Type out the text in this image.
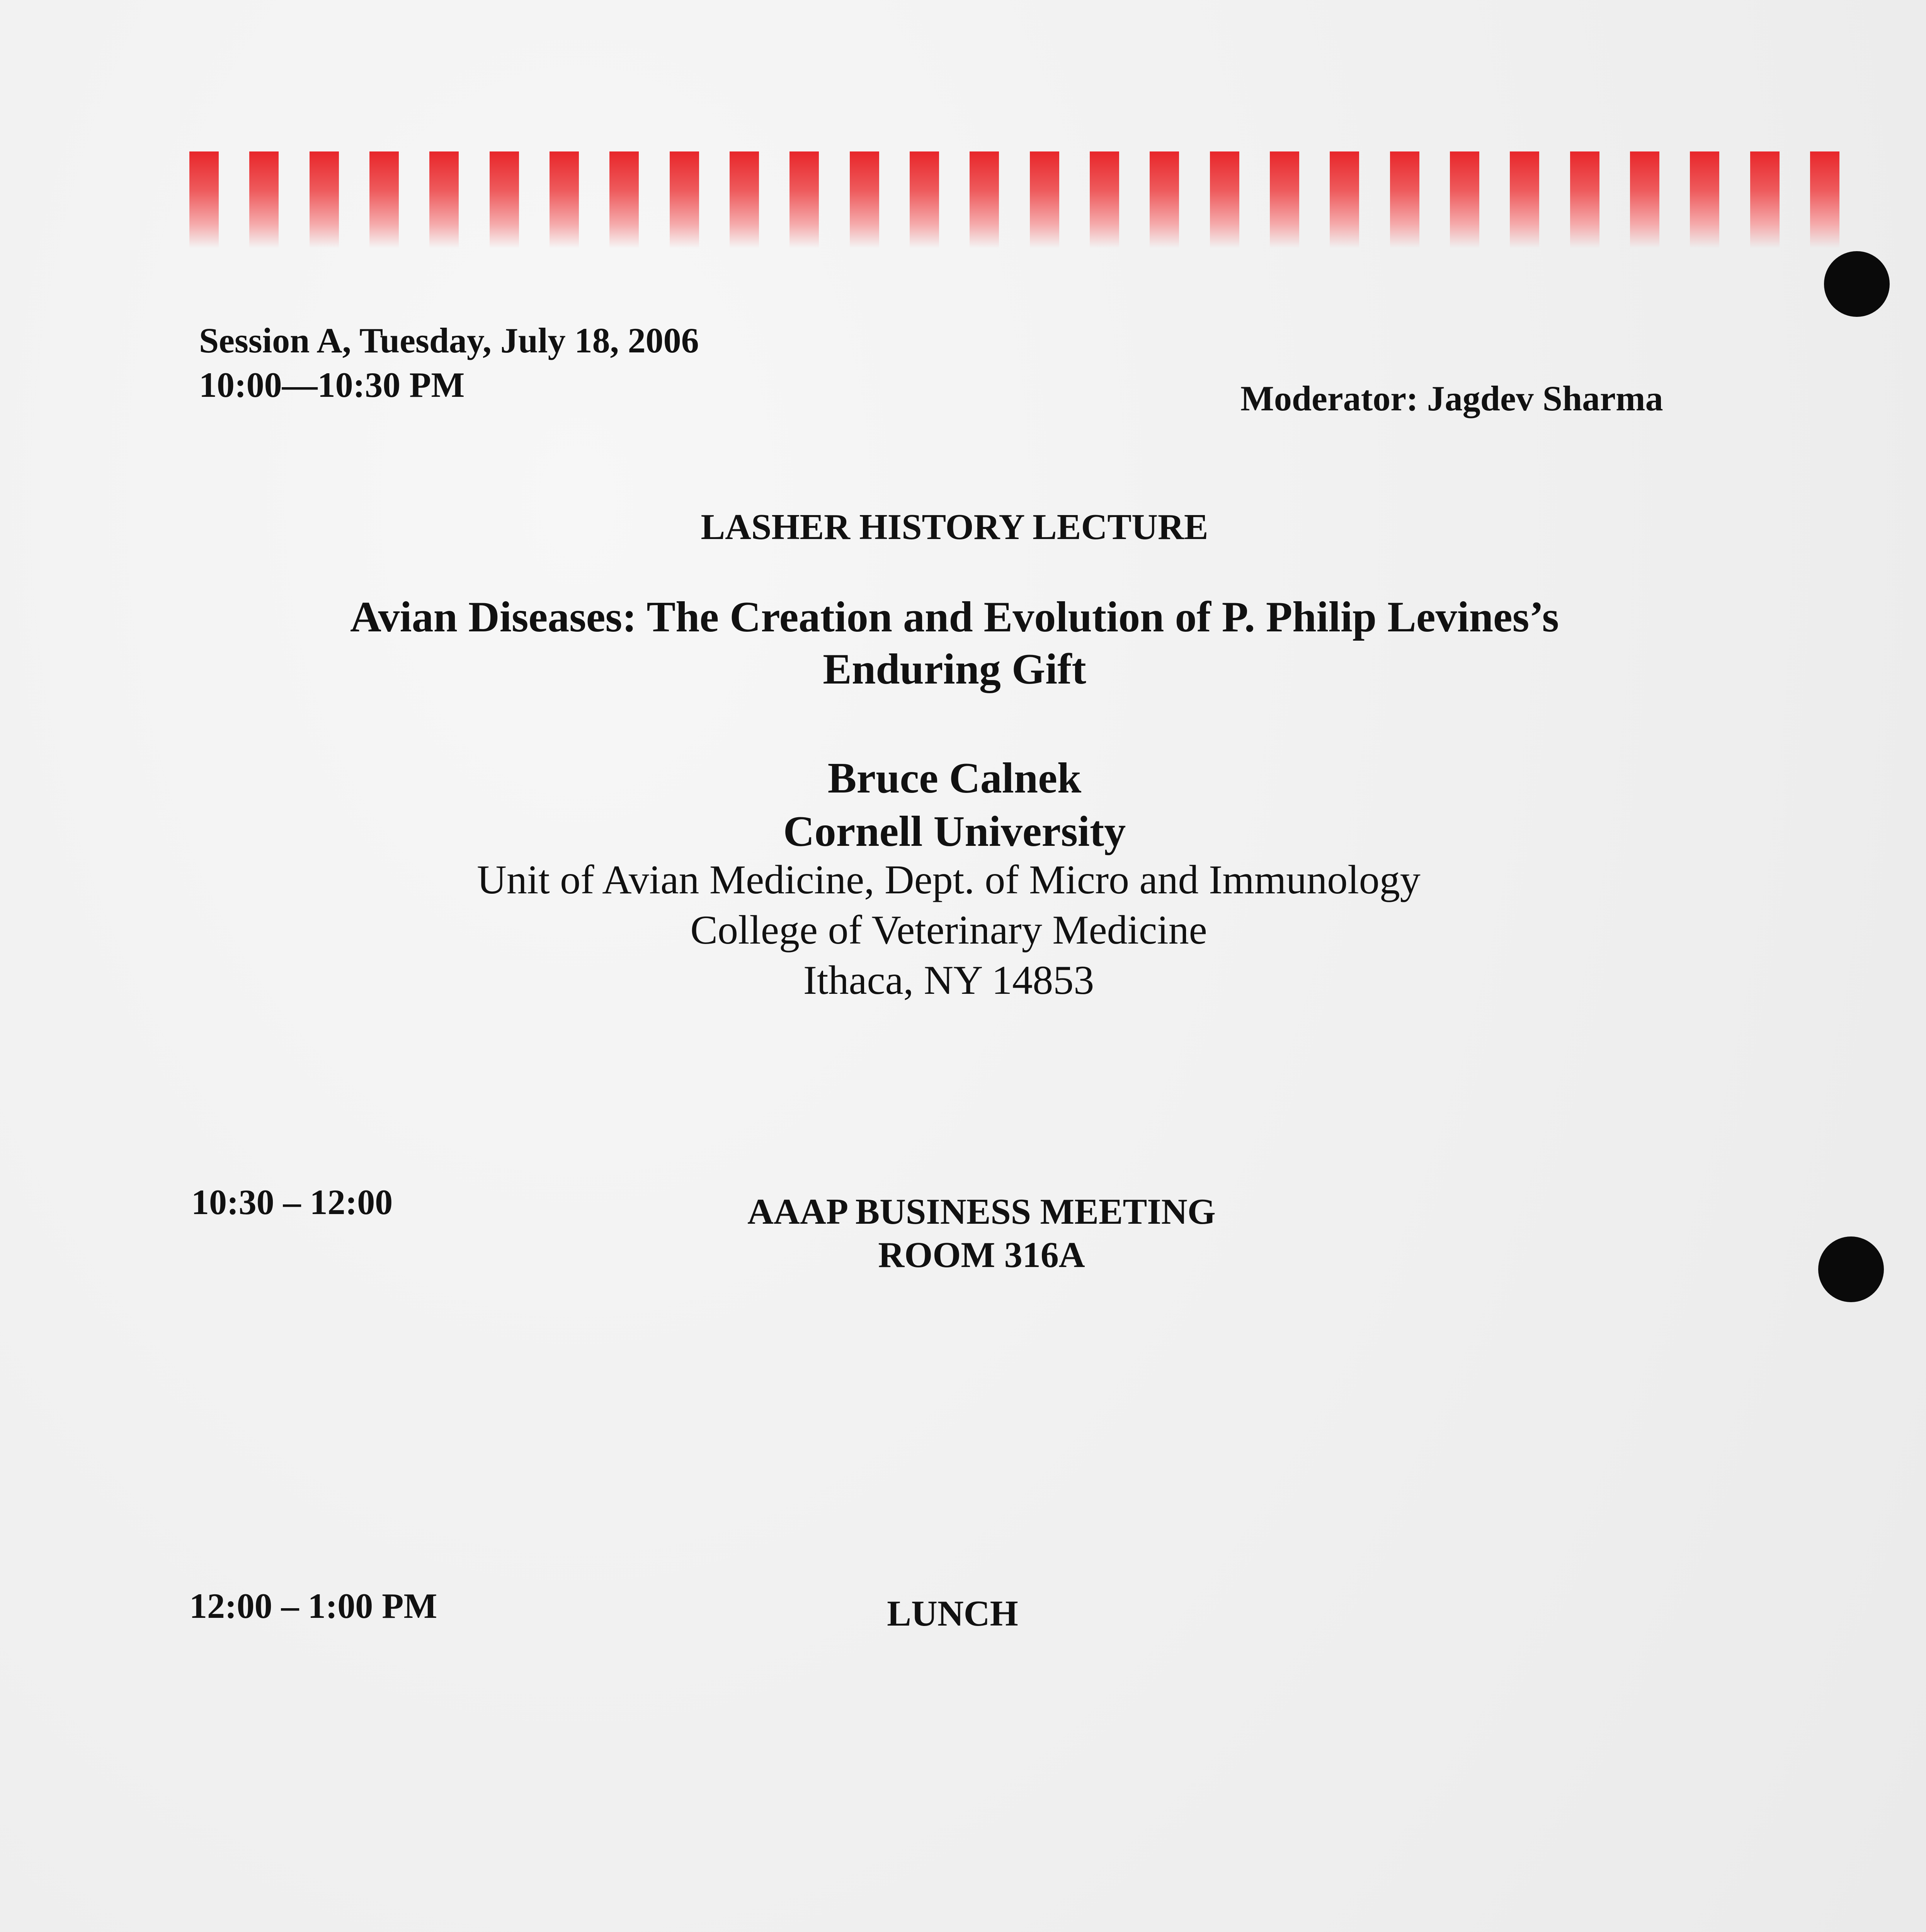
Session A, Tuesday, July 18, 2006
10:00—10:30 PM	Moderator: Jagdev Sharma
LASHER HISTORY LECTURE
Avian Diseases: The Creation and Evolution of P. Philip Levines’s
Enduring Gift
Bruce Calnek
Cornell University
Unit of Avian Medicine, Dept. of Micro and Immunology
College of Veterinary Medicine
Ithaca, NY 14853
10:30 – 12:00	AAAP BUSINESS MEETING
ROOM 316A
12:00 – 1:00 PM	LUNCH
